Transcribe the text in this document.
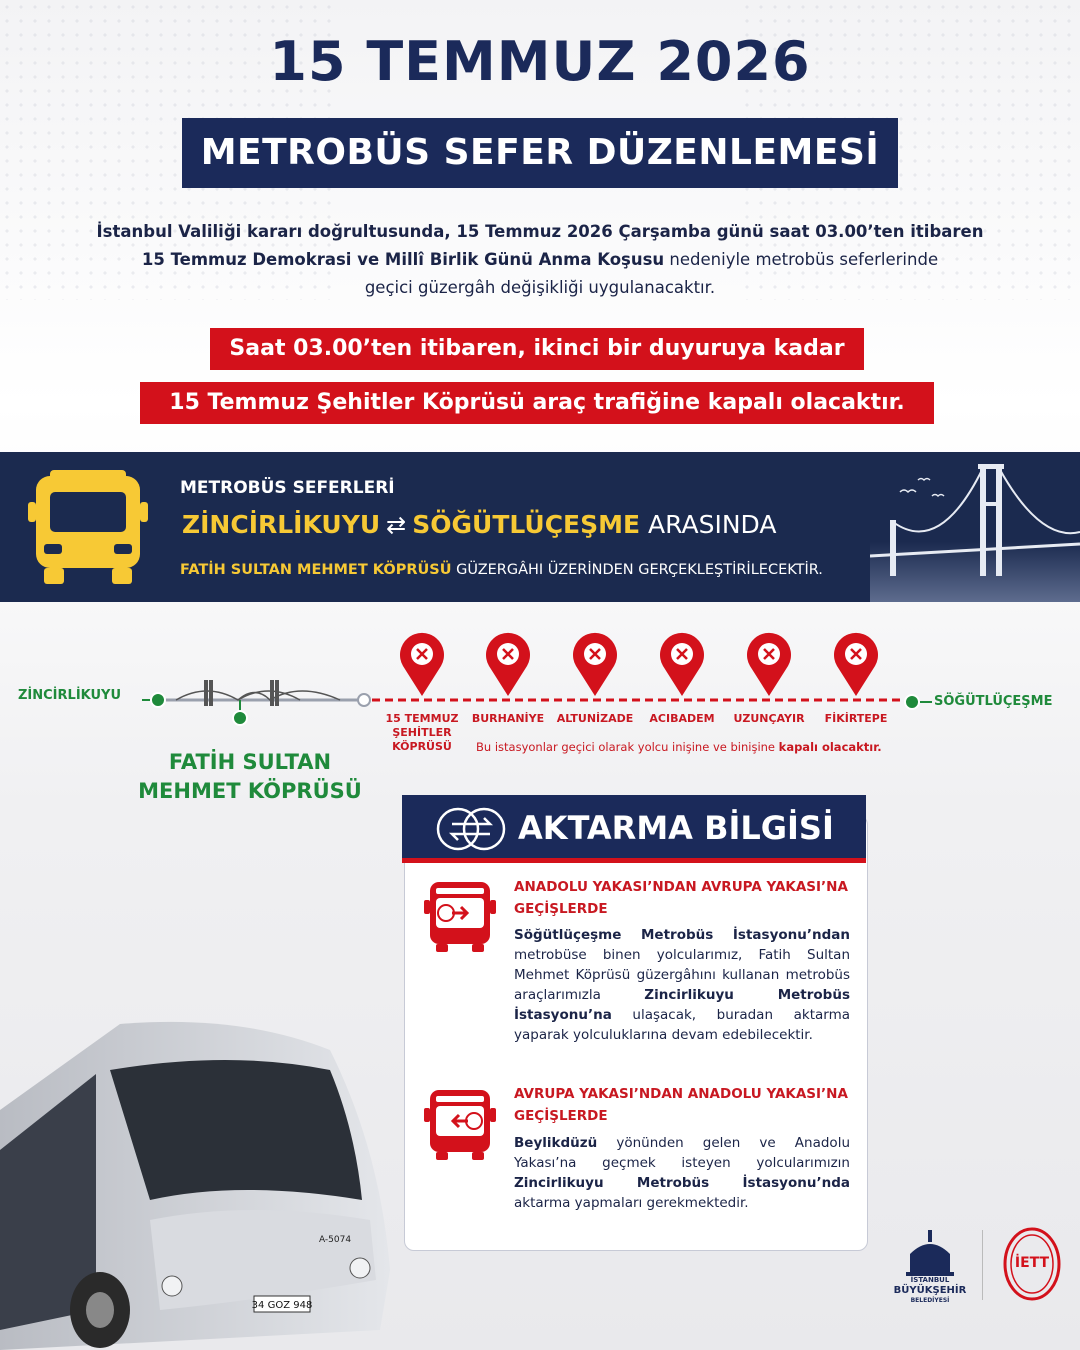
15 TEMMUZ 2026
METROBÜS SEFER DÜZENLEMESİ
İstanbul Valiliği kararı doğrultusunda, 15 Temmuz 2026 Çarşamba günü saat 03.00’ten itibaren
15 Temmuz Demokrasi ve Millî Birlik Günü Anma Koşusu nedeniyle metrobüs seferlerinde
geçici güzergâh değişikliği uygulanacaktır.
Saat 03.00’ten itibaren, ikinci bir duyuruya kadar
15 Temmuz Şehitler Köprüsü araç trafiğine kapalı olacaktır.
METROBÜS SEFERLERİ
ZİNCİRLİKUYU ⇄ SÖĞÜTLÜÇEŞME ARASINDA
FATİH SULTAN MEHMET KÖPRÜSÜ GÜZERGÂHI ÜZERİNDEN GERÇEKLEŞTİRİLECEKTİR.
ZİNCİRLİKUYU	SÖĞÜTLÜÇEŞME
15 TEMMUZ ŞEHİTLER KÖPRÜSÜ
BURHANİYE	ALTUNİZADE	ACIBADEM	UZUNÇAYIR	FİKİRTEPE
Bu istasyonlar geçici olarak yolcu inişine ve binişine kapalı olacaktır.
FATİH SULTAN MEHMET KÖPRÜSÜ
AKTARMA BİLGİSİ
ANADOLU YAKASI’NDAN AVRUPA YAKASI’NA GEÇİŞLERDE
Söğütlüçeşme Metrobüs İstasyonu’ndan metrobüse binen yolcularımız, Fatih Sultan Mehmet Köprüsü güzergâhını kullanan metrobüs araçlarımızla Zincirlikuyu Metrobüs İstasyonu’na ulaşacak, buradan aktarma yaparak yolculuklarına devam edebilecektir.
AVRUPA YAKASI’NDAN ANADOLU YAKASI’NA GEÇİŞLERDE
Beylikdüzü yönünden gelen ve Anadolu Yakası’na geçmek isteyen yolcularımızın Zincirlikuyu Metrobüs İstasyonu’nda aktarma yapmaları gerekmektedir.
34 GOZ 948
A-5074
İSTANBUL
BÜYÜKŞEHİR
BELEDİYESİ
İETT
